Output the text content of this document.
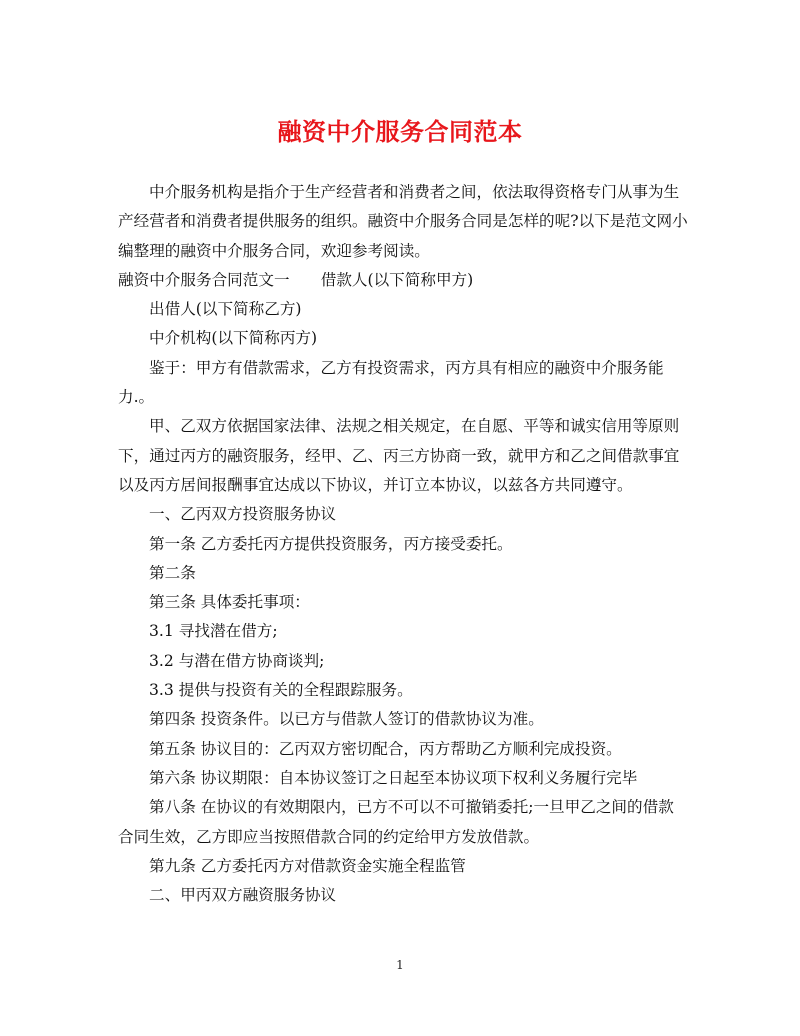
融资中介服务合同范本

中介服务机构是指介于生产经营者和消费者之间，依法取得资格专门从事为生产经营者和消费者提供服务的组织。融资中介服务合同是怎样的呢?以下是范文网小编整理的融资中介服务合同，欢迎参考阅读。

融资中介服务合同范文一　　借款人(以下简称甲方)

出借人(以下简称乙方)

中介机构(以下简称丙方)

鉴于：甲方有借款需求，乙方有投资需求，丙方具有相应的融资中介服务能力.。

甲、乙双方依据国家法律、法规之相关规定，在自愿、平等和诚实信用等原则下，通过丙方的融资服务，经甲、乙、丙三方协商一致，就甲方和乙之间借款事宜以及丙方居间报酬事宜达成以下协议，并订立本协议，以兹各方共同遵守。

一、乙丙双方投资服务协议

第一条 乙方委托丙方提供投资服务，丙方接受委托。

第二条

第三条 具体委托事项：

3.1 寻找潜在借方;

3.2 与潜在借方协商谈判;

3.3 提供与投资有关的全程跟踪服务。

第四条 投资条件。以已方与借款人签订的借款协议为准。

第五条 协议目的：乙丙双方密切配合，丙方帮助乙方顺利完成投资。

第六条 协议期限：自本协议签订之日起至本协议项下权利义务履行完毕

第八条 在协议的有效期限内，已方不可以不可撤销委托;一旦甲乙之间的借款合同生效，乙方即应当按照借款合同的约定给甲方发放借款。

第九条 乙方委托丙方对借款资金实施全程监管

二、甲丙双方融资服务协议

1
